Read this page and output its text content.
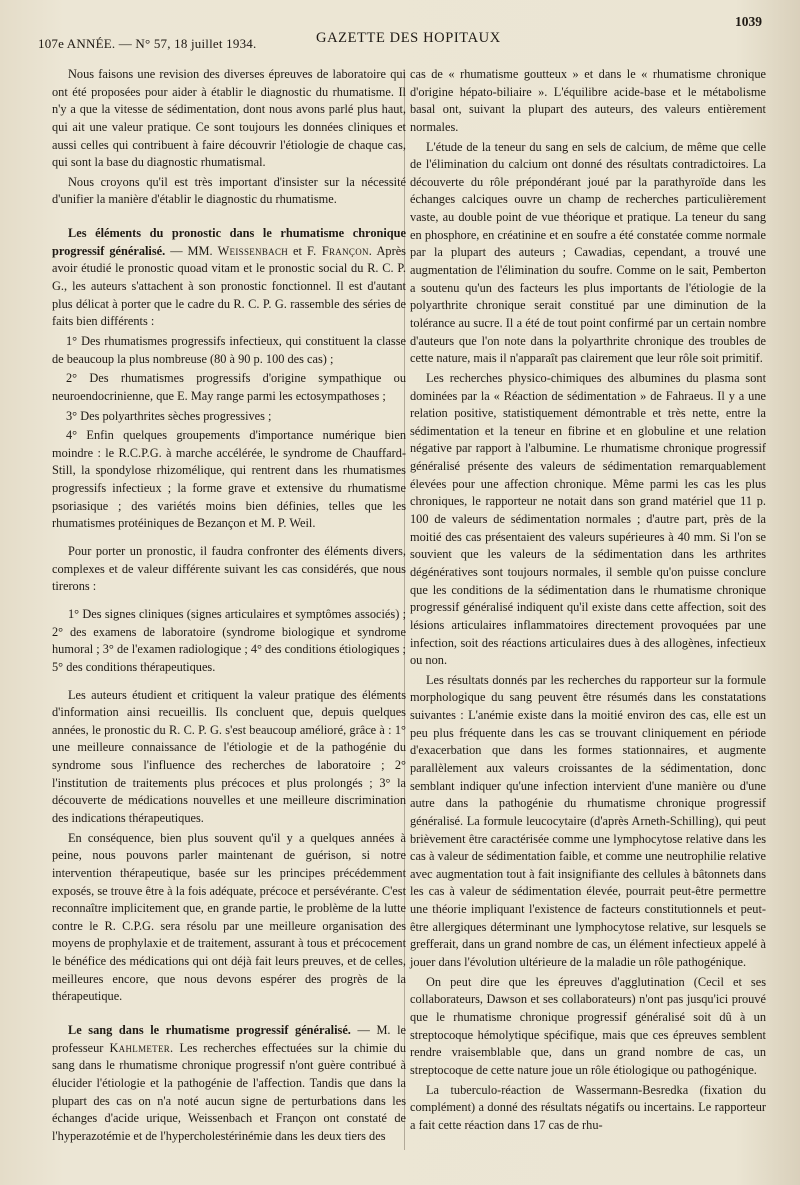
107e ANNÉE. — N° 57, 18 juillet 1934.	GAZETTE DES HOPITAUX
1039

Nous faisons une revision des diverses épreuves de laboratoire qui ont été proposées pour aider à établir le diagnostic du rhumatisme. Il n'y a que la vitesse de sédimentation, dont nous avons parlé plus haut, qui ait une valeur pratique. Ce sont toujours les données cliniques et aussi celles qui contribuent à faire découvrir l'étiologie de chaque cas, qui sont la base du diagnostic rhumatismal.

Nous croyons qu'il est très important d'insister sur la nécessité d'unifier la manière d'établir le diagnostic du rhumatisme.

Les éléments du pronostic dans le rhumatisme chronique progressif généralisé. — MM. Weissenbach et F. Françon. Après avoir étudié le pronostic quoad vitam et le pronostic social du R. C. P. G., les auteurs s'attachent à son pronostic fonctionnel. Il est d'autant plus délicat à porter que le cadre du R. C. P. G. rassemble des séries de faits bien différents :

1° Des rhumatismes progressifs infectieux, qui constituent la classe de beaucoup la plus nombreuse (80 à 90 p. 100 des cas) ;

2° Des rhumatismes progressifs d'origine sympathique ou neuroendocrinienne, que E. May range parmi les ectosympathoses ;

3° Des polyarthrites sèches progressives ;

4° Enfin quelques groupements d'importance numérique bien moindre : le R.C.P.G. à marche accélérée, le syndrome de Chauffard-Still, la spondylose rhizomélique, qui rentrent dans les rhumatismes progressifs infectieux ; la forme grave et extensive du rhumatisme psoriasique ; des variétés moins bien définies, telles que les rhumatismes protéiniques de Bezançon et M. P. Weil.

Pour porter un pronostic, il faudra confronter des éléments divers, complexes et de valeur différente suivant les cas considérés, que nous tirerons :

1° Des signes cliniques (signes articulaires et symptômes associés) ; 2° des examens de laboratoire (syndrome biologique et syndrome humoral ; 3° de l'examen radiologique ; 4° des conditions étiologiques ; 5° des conditions thérapeutiques.

Les auteurs étudient et critiquent la valeur pratique des éléments d'information ainsi recueillis. Ils concluent que, depuis quelques années, le pronostic du R. C. P. G. s'est beaucoup amélioré, grâce à : 1° une meilleure connaissance de l'étiologie et de la pathogénie du syndrome sous l'influence des recherches de laboratoire ; 2° l'institution de traitements plus précoces et plus prolongés ; 3° la découverte de médications nouvelles et une meilleure discrimination des indications thérapeutiques.

En conséquence, bien plus souvent qu'il y a quelques années à peine, nous pouvons parler maintenant de guérison, si notre intervention thérapeutique, basée sur les principes précédemment exposés, se trouve être à la fois adéquate, précoce et persévérante. C'est reconnaître implicitement que, en grande partie, le problème de la lutte contre le R. C.P.G. sera résolu par une meilleure organisation des moyens de prophylaxie et de traitement, assurant à tous et précocement le bénéfice des médications qui ont déjà fait leurs preuves, et de celles, meilleures encore, que nous devons espérer des progrès de la thérapeutique.

Le sang dans le rhumatisme progressif généralisé. — M. le professeur Kahlmeter. Les recherches effectuées sur la chimie du sang dans le rhumatisme chronique progressif n'ont guère contribué à élucider l'étiologie et la pathogénie de l'affection. Tandis que dans la plupart des cas on n'a noté aucun signe de perturbations dans les échanges d'acide urique, Weissenbach et Françon ont constaté de l'hyperazotémie et de l'hypercholestérinémie dans les deux tiers des

cas de « rhumatisme goutteux » et dans le « rhumatisme chronique d'origine hépato-biliaire ». L'équilibre acide-base et le métabolisme basal ont, suivant la plupart des auteurs, des valeurs entièrement normales.

L'étude de la teneur du sang en sels de calcium, de même que celle de l'élimination du calcium ont donné des résultats contradictoires. La découverte du rôle prépondérant joué par la parathyroïde dans les échanges calciques ouvre un champ de recherches particulièrement vaste, au double point de vue théorique et pratique. La teneur du sang en phosphore, en créatinine et en soufre a été constatée comme normale par la plupart des auteurs ; Cawadias, cependant, a trouvé une augmentation de l'élimination du soufre. Comme on le sait, Pemberton a soutenu qu'un des facteurs les plus importants de l'étiologie de la polyarthrite chronique serait constitué par une diminution de la tolérance au sucre. Il a été de tout point confirmé par un certain nombre d'auteurs que l'on note dans la polyarthrite chronique des troubles de cette nature, mais il n'apparaît pas clairement que leur rôle soit primitif.

Les recherches physico-chimiques des albumines du plasma sont dominées par la « Réaction de sédimentation » de Fahraeus. Il y a une relation positive, statistiquement démontrable et très nette, entre la sédimentation et la teneur en fibrine et en globuline et une relation négative par rapport à l'albumine. Le rhumatisme chronique progressif généralisé présente des valeurs de sédimentation remarquablement élevées pour une affection chronique. Même parmi les cas les plus chroniques, le rapporteur ne notait dans son grand matériel que 11 p. 100 de valeurs de sédimentation normales ; d'autre part, près de la moitié des cas présentaient des valeurs supérieures à 40 mm. Si l'on se souvient que les valeurs de la sédimentation dans les arthrites dégénératives sont toujours normales, il semble qu'on puisse conclure que les conditions de la sédimentation dans le rhumatisme chronique progressif généralisé indiquent qu'il existe dans cette affection, soit des lésions articulaires inflammatoires directement provoquées par une infection, soit des réactions articulaires dues à des allogènes, infectieux ou non.

Les résultats donnés par les recherches du rapporteur sur la formule morphologique du sang peuvent être résumés dans les constatations suivantes : L'anémie existe dans la moitié environ des cas, elle est un peu plus fréquente dans les cas se trouvant cliniquement en période d'exacerbation que dans les formes stationnaires, et augmente parallèlement aux valeurs croissantes de la sédimentation, donc semblant indiquer qu'une infection intervient d'une manière ou d'une autre dans la pathogénie du rhumatisme chronique progressif généralisé. La formule leucocytaire (d'après Arneth-Schilling), qui peut brièvement être caractérisée comme une lymphocytose relative dans les cas à valeur de sédimentation faible, et comme une neutrophilie relative avec augmentation tout à fait insignifiante des cellules à bâtonnets dans les cas à valeur de sédimentation élevée, pourrait peut-être permettre une théorie impliquant l'existence de facteurs constitutionnels et peut-être allergiques déterminant une lymphocytose relative, sur lesquels se grefferait, dans un grand nombre de cas, un élément infectieux appelé à jouer dans l'évolution ultérieure de la maladie un rôle pathogénique.

On peut dire que les épreuves d'agglutination (Cecil et ses collaborateurs, Dawson et ses collaborateurs) n'ont pas jusqu'ici prouvé que le rhumatisme chronique progressif généralisé soit dû à un streptocoque hémolytique spécifique, mais que ces épreuves semblent rendre vraisemblable que, dans un grand nombre de cas, un streptocoque de cette nature joue un rôle étiologique ou pathogénique.

La tuberculo-réaction de Wassermann-Besredka (fixation du complément) a donné des résultats négatifs ou incertains. Le rapporteur a fait cette réaction dans 17 cas de rhu-
